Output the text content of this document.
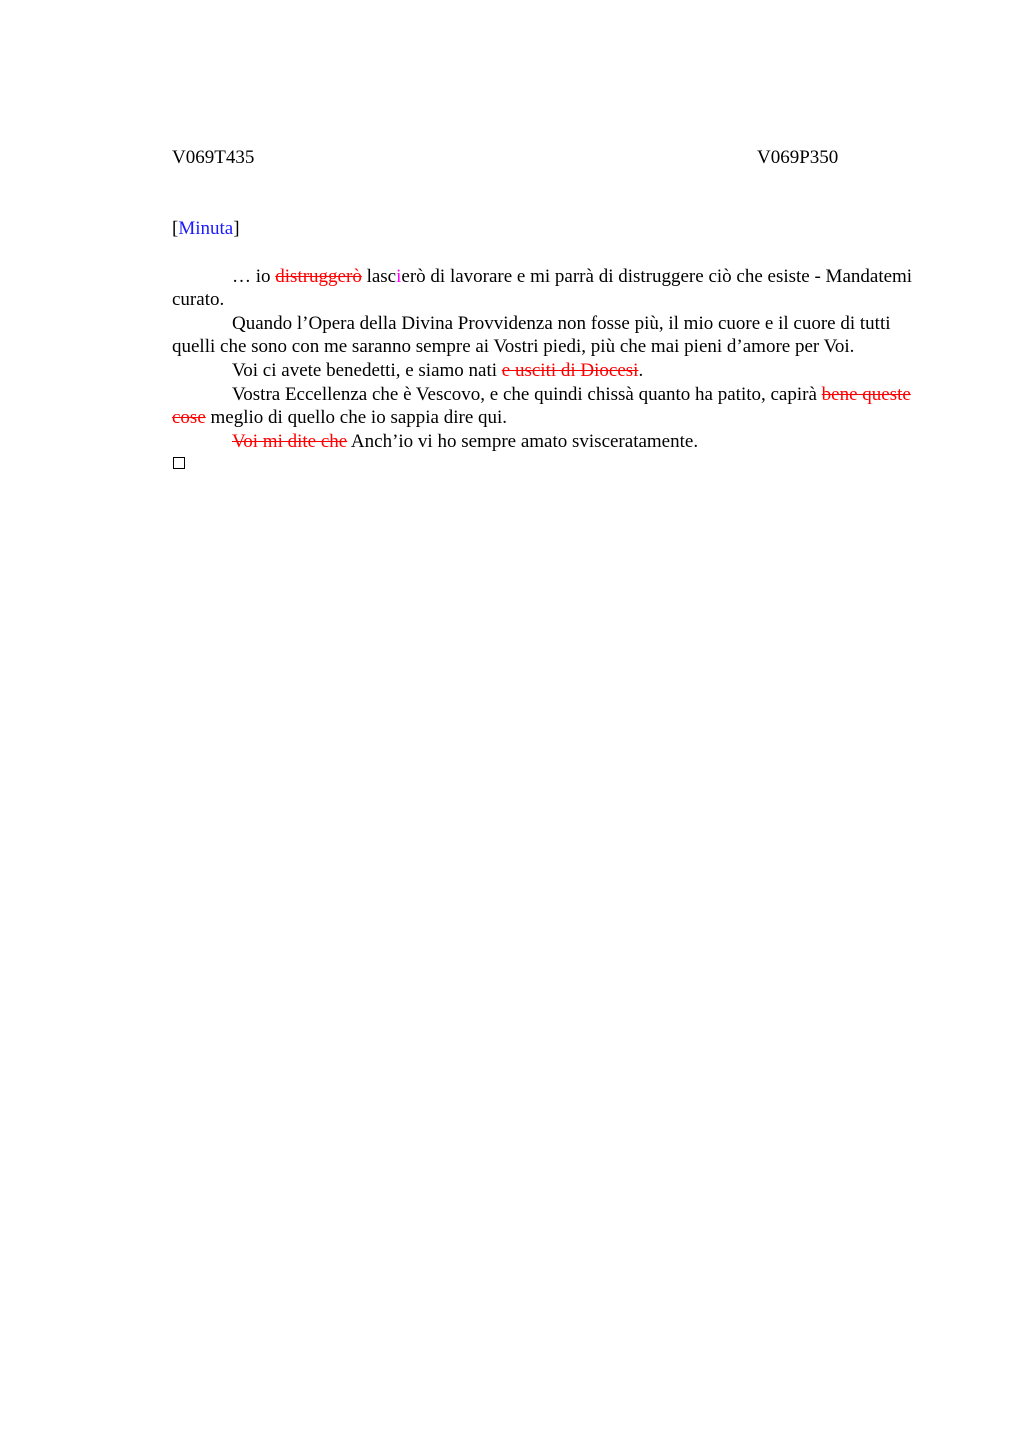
V069T435	V069P350
[Minuta]

… io distruggerò lascierò di lavorare e mi parrà di distruggere ciò che esiste - Mandatemi curato.

Quando l’Opera della Divina Provvidenza non fosse più, il mio cuore e il cuore di tutti quelli che sono con me saranno sempre ai Vostri piedi, più che mai pieni d’amore per Voi.

Voi ci avete benedetti, e siamo nati e usciti di Diocesi.

Vostra Eccellenza che è Vescovo, e che quindi chissà quanto ha patito, capirà bene queste cose meglio di quello che io sappia dire qui.

Voi mi dite che Anch’io vi ho sempre amato svisceratamente.
